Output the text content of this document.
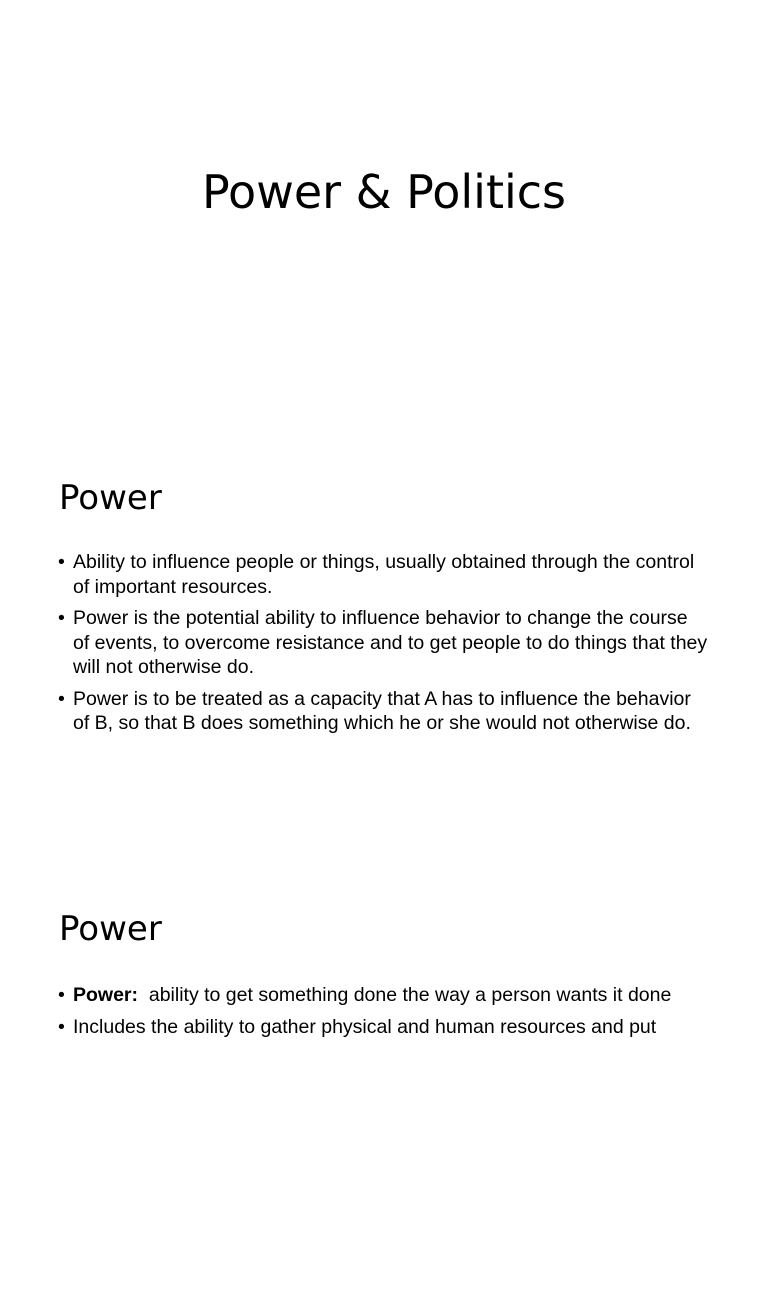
Power & Politics
Power
• Ability to influence people or things, usually obtained through the control of important resources.
• Power is the potential ability to influence behavior to change the course of events, to overcome resistance and to get people to do things that they will not otherwise do.
• Power is to be treated as a capacity that A has to influence the behavior of B, so that B does something which he or she would not otherwise do.
Power
• Power:  ability to get something done the way a person wants it done
• Includes the ability to gather physical and human resources and put
